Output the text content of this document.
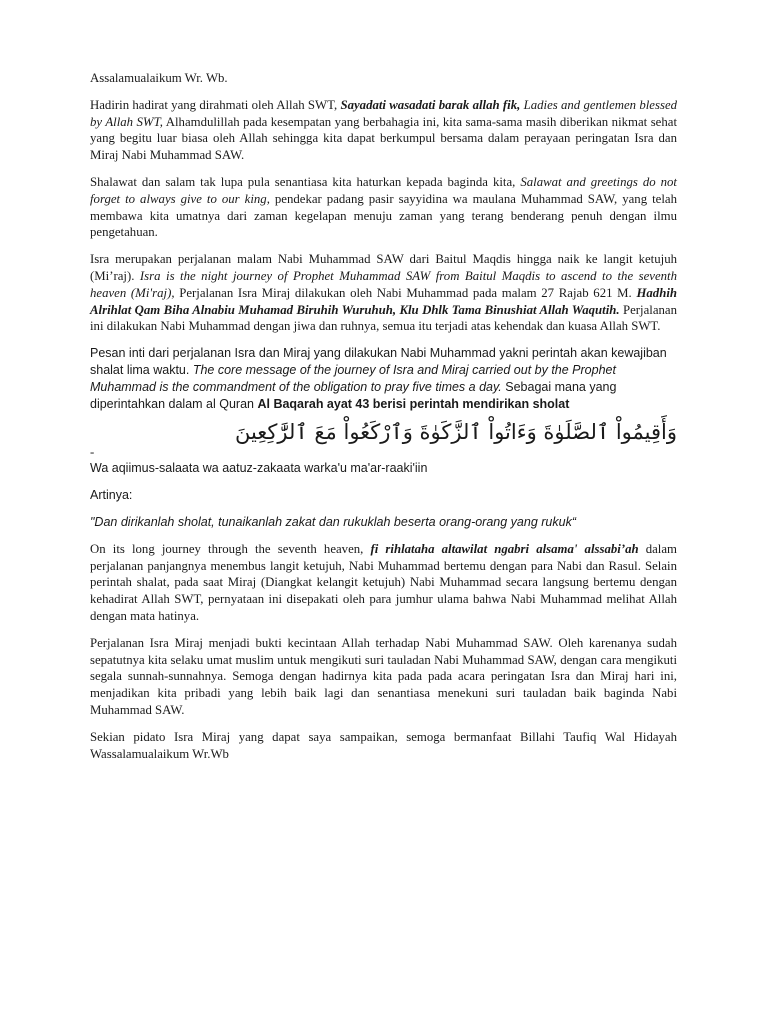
Assalamualaikum Wr. Wb.

Hadirin hadirat yang dirahmati oleh Allah SWT, Sayadati wasadati barak allah fik, Ladies and gentlemen blessed by Allah SWT, Alhamdulillah pada kesempatan yang berbahagia ini, kita sama-sama masih diberikan nikmat sehat yang begitu luar biasa oleh Allah sehingga kita dapat berkumpul bersama dalam perayaan peringatan Isra dan Miraj Nabi Muhammad SAW.

Shalawat dan salam tak lupa pula senantiasa kita haturkan kepada baginda kita, Salawat and greetings do not forget to always give to our king, pendekar padang pasir sayyidina wa maulana Muhammad SAW, yang telah membawa kita umatnya dari zaman kegelapan menuju zaman yang terang benderang penuh dengan ilmu pengetahuan.

Isra merupakan perjalanan malam Nabi Muhammad SAW dari Baitul Maqdis hingga naik ke langit ketujuh (Mi’raj). Isra is the night journey of Prophet Muhammad SAW from Baitul Maqdis to ascend to the seventh heaven (Mi'raj), Perjalanan Isra Miraj dilakukan oleh Nabi Muhammad pada malam 27 Rajab 621 M. Hadhih Alrihlat Qam Biha Alnabiu Muhamad Biruhih Wuruhuh, Klu Dhlk Tama Binushiat Allah Waqutih. Perjalanan ini dilakukan Nabi Muhammad dengan jiwa dan ruhnya, semua itu terjadi atas kehendak dan kuasa Allah SWT.

Pesan inti dari perjalanan Isra dan Miraj yang dilakukan Nabi Muhammad yakni perintah akan kewajiban shalat lima waktu. The core message of the journey of Isra and Miraj carried out by the Prophet Muhammad is the commandment of the obligation to pray five times a day. Sebagai mana yang diperintahkan dalam al Quran Al Baqarah ayat 43 berisi perintah mendirikan sholat

وَأَقِيمُواْ ٱلصَّلَوٰةَ وَءَاتُواْ ٱلزَّكَوٰةَ وَٱرْكَعُواْ مَعَ ٱلرَّٰكِعِينَ
-

Wa aqiimus-salaata wa aatuz-zakaata warka'u ma'ar-raaki'iin

Artinya:

"Dan dirikanlah sholat, tunaikanlah zakat dan rukuklah beserta orang-orang yang rukuk“

On its long journey through the seventh heaven, fi rihlataha altawilat ngabri alsama' alssabi’ah dalam perjalanan panjangnya menembus langit ketujuh, Nabi Muhammad bertemu dengan para Nabi dan Rasul. Selain perintah shalat, pada saat Miraj (Diangkat kelangit ketujuh) Nabi Muhammad secara langsung bertemu dengan kehadirat Allah SWT, pernyataan ini disepakati oleh para jumhur ulama bahwa Nabi Muhammad melihat Allah dengan mata hatinya.

Perjalanan Isra Miraj menjadi bukti kecintaan Allah terhadap Nabi Muhammad SAW. Oleh karenanya sudah sepatutnya kita selaku umat muslim untuk mengikuti suri tauladan Nabi Muhammad SAW, dengan cara mengikuti segala sunnah-sunnahnya. Semoga dengan hadirnya kita pada pada acara peringatan Isra dan Miraj hari ini, menjadikan kita pribadi yang lebih baik lagi dan senantiasa menekuni suri tauladan baik baginda Nabi Muhammad SAW.

Sekian pidato Isra Miraj yang dapat saya sampaikan, semoga bermanfaat Billahi Taufiq Wal Hidayah Wassalamualaikum Wr.Wb
